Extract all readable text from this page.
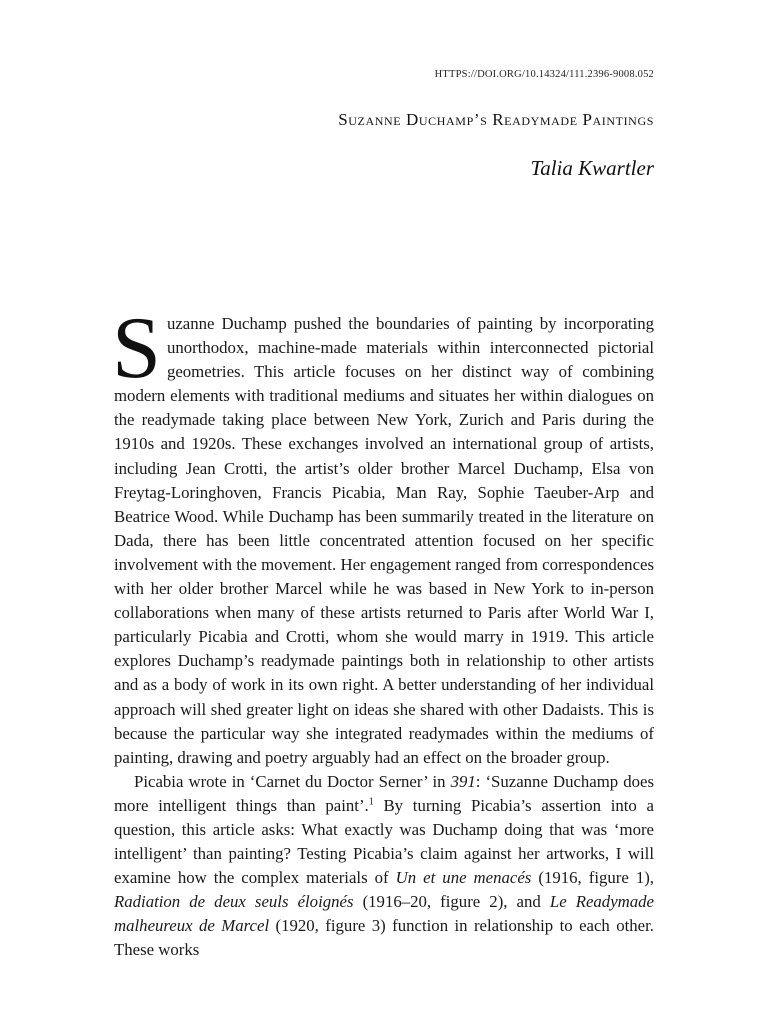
HTTPS://DOI.ORG/10.14324/111.2396-9008.052
Suzanne Duchamp’s Readymade Paintings
Talia Kwartler

Suzanne Duchamp pushed the boundaries of painting by incorporating unorthodox, machine-made materials within interconnected pictorial geometries. This article focuses on her distinct way of combining modern elements with traditional mediums and situates her within dialogues on the readymade taking place between New York, Zurich and Paris during the 1910s and 1920s. These exchanges involved an international group of artists, including Jean Crotti, the artist’s older brother Marcel Duchamp, Elsa von Freytag-Loringhoven, Francis Picabia, Man Ray, Sophie Taeuber-Arp and Beatrice Wood. While Duchamp has been summarily treated in the literature on Dada, there has been little concentrated attention focused on her specific involvement with the movement. Her engagement ranged from correspondences with her older brother Marcel while he was based in New York to in-person collaborations when many of these artists returned to Paris after World War I, particularly Picabia and Crotti, whom she would marry in 1919. This article explores Duchamp’s readymade paintings both in relationship to other artists and as a body of work in its own right. A better understanding of her individual approach will shed greater light on ideas she shared with other Dadaists. This is because the particular way she integrated readymades within the mediums of painting, drawing and poetry arguably had an effect on the broader group.

Picabia wrote in ‘Carnet du Doctor Serner’ in 391: ‘Suzanne Duchamp does more intelligent things than paint’.$^1$ By turning Picabia’s assertion into a question, this article asks: What exactly was Duchamp doing that was ‘more intelligent’ than painting? Testing Picabia’s claim against her artworks, I will examine how the complex materials of Un et une menacés (1916, figure 1), Radiation de deux seuls éloignés (1916–20, figure 2), and Le Readymade malheureux de Marcel (1920, figure 3) function in relationship to each other. These works
